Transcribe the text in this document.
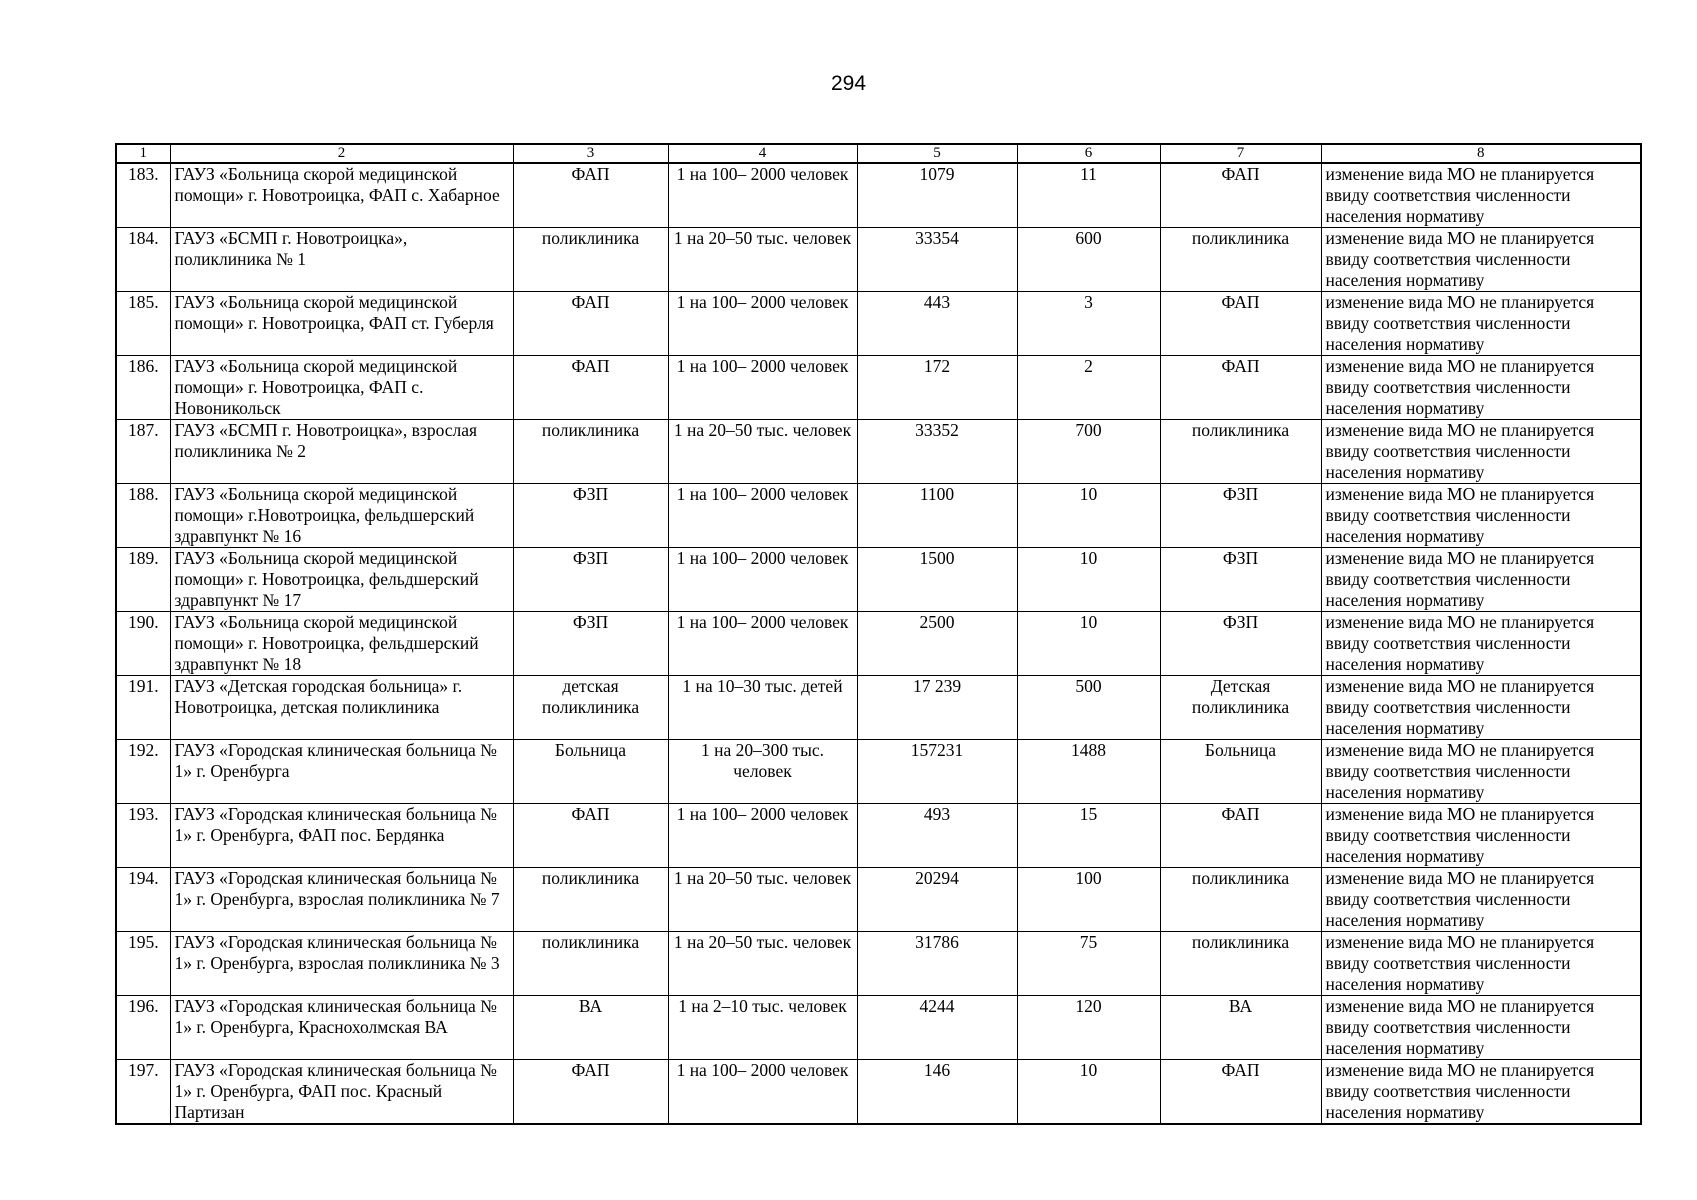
294
1	2	3	4	5	6	7	8
183.	ГАУЗ «Больница скорой медицинской помощи» г. Новотроицка, ФАП с. Хабарное	ФАП	1 на 100– 2000 человек	1079	11	ФАП	изменение вида МО не планируется ввиду соответствия численности населения нормативу
184.	ГАУЗ «БСМП г. Новотроицка», поликлиника № 1	поликлиника	1 на 20–50 тыс. человек	33354	600	поликлиника	изменение вида МО не планируется ввиду соответствия численности населения нормативу
185.	ГАУЗ «Больница скорой медицинской помощи» г. Новотроицка, ФАП ст. Губерля	ФАП	1 на 100– 2000 человек	443	3	ФАП	изменение вида МО не планируется ввиду соответствия численности населения нормативу
186.	ГАУЗ «Больница скорой медицинской помощи» г. Новотроицка, ФАП с. Новоникольск	ФАП	1 на 100– 2000 человек	172	2	ФАП	изменение вида МО не планируется ввиду соответствия численности населения нормативу
187.	ГАУЗ «БСМП г. Новотроицка», взрослая поликлиника № 2	поликлиника	1 на 20–50 тыс. человек	33352	700	поликлиника	изменение вида МО не планируется ввиду соответствия численности населения нормативу
188.	ГАУЗ «Больница скорой медицинской помощи» г.Новотроицка, фельдшерский здравпункт № 16	ФЗП	1 на 100– 2000 человек	1100	10	ФЗП	изменение вида МО не планируется ввиду соответствия численности населения нормативу
189.	ГАУЗ «Больница скорой медицинской помощи» г. Новотроицка, фельдшерский здравпункт № 17	ФЗП	1 на 100– 2000 человек	1500	10	ФЗП	изменение вида МО не планируется ввиду соответствия численности населения нормативу
190.	ГАУЗ «Больница скорой медицинской помощи» г. Новотроицка, фельдшерский здравпункт № 18	ФЗП	1 на 100– 2000 человек	2500	10	ФЗП	изменение вида МО не планируется ввиду соответствия численности населения нормативу
191.	ГАУЗ «Детская городская больница» г. Новотроицка, детская поликлиника	детская поликлиника	1 на 10–30 тыс. детей	17 239	500	Детская поликлиника	изменение вида МО не планируется ввиду соответствия численности населения нормативу
192.	ГАУЗ «Городская клиническая больница № 1» г. Оренбурга	Больница	1 на 20–300 тыс. человек	157231	1488	Больница	изменение вида МО не планируется ввиду соответствия численности населения нормативу
193.	ГАУЗ «Городская клиническая больница № 1» г. Оренбурга, ФАП пос. Бердянка	ФАП	1 на 100– 2000 человек	493	15	ФАП	изменение вида МО не планируется ввиду соответствия численности населения нормативу
194.	ГАУЗ «Городская клиническая больница № 1» г. Оренбурга, взрослая поликлиника № 7	поликлиника	1 на 20–50 тыс. человек	20294	100	поликлиника	изменение вида МО не планируется ввиду соответствия численности населения нормативу
195.	ГАУЗ «Городская клиническая больница № 1» г. Оренбурга, взрослая поликлиника № 3	поликлиника	1 на 20–50 тыс. человек	31786	75	поликлиника	изменение вида МО не планируется ввиду соответствия численности населения нормативу
196.	ГАУЗ «Городская клиническая больница № 1» г. Оренбурга, Краснохолмская ВА	ВА	1 на 2–10 тыс. человек	4244	120	ВА	изменение вида МО не планируется ввиду соответствия численности населения нормативу
197.	ГАУЗ «Городская клиническая больница № 1» г. Оренбурга, ФАП пос. Красный Партизан	ФАП	1 на 100– 2000 человек	146	10	ФАП	изменение вида МО не планируется ввиду соответствия численности населения нормативу
